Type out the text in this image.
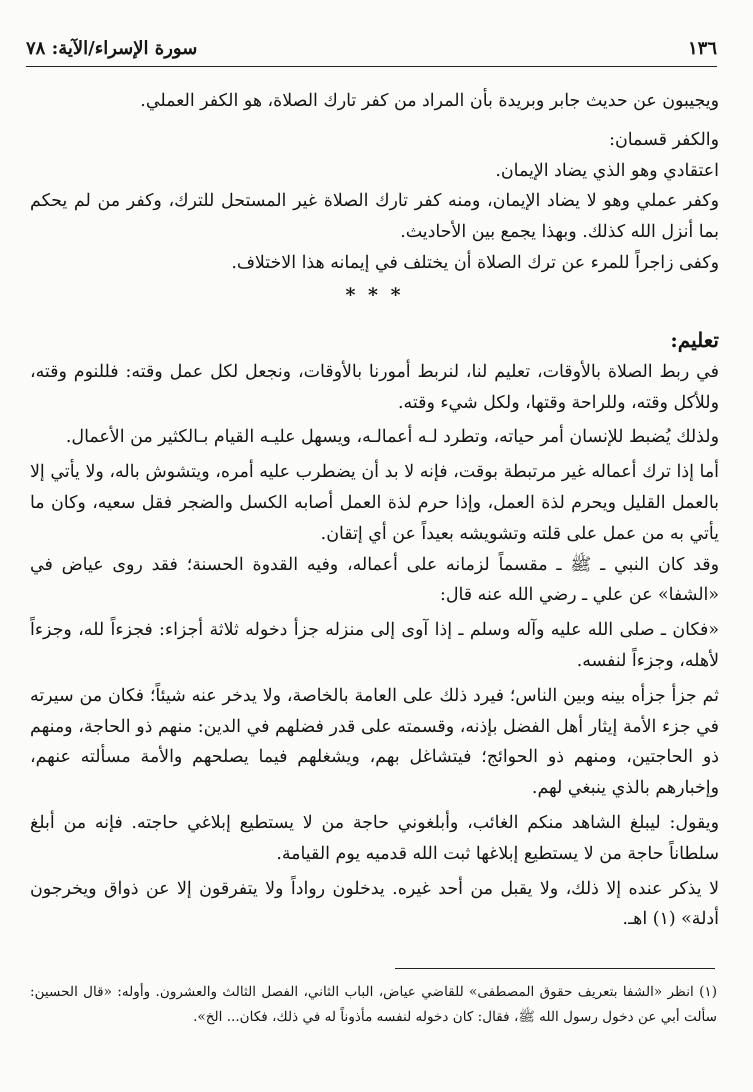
١٣٦
سورة الإسراء/الآية: ٧٨

ويجيبون عن حديث جابر وبريدة بأن المراد من كفر تارك الصلاة، هو الكفر العملي.

والكفر قسمان:

اعتقادي وهو الذي يضاد الإيمان.

وكفر عملي وهو لا يضاد الإيمان، ومنه كفر تارك الصلاة غير المستحل للترك، وكفر من لم يحكم بما أنزل الله كذلك. وبهذا يجمع بين الأحاديث.

وكفى زاجراً للمرء عن ترك الصلاة أن يختلف في إيمانه هذا الاختلاف.

* * *
تعليم:

في ربط الصلاة بالأوقات، تعليم لنا، لنربط أمورنا بالأوقات، ونجعل لكل عمل وقته: فللنوم وقته، وللأكل وقته، وللراحة وقتها، ولكل شيء وقته.

ولذلك يُضبط للإنسان أمر حياته، وتطرد لـه أعمالـه، ويسهل عليـه القيام بـالكثير من الأعمال.

أما إذا ترك أعماله غير مرتبطة بوقت، فإنه لا بد أن يضطرب عليه أمره، ويتشوش باله، ولا يأتي إلا بالعمل القليل ويحرم لذة العمل، وإذا حرم لذة العمل أصابه الكسل والضجر فقل سعيه، وكان ما يأتي به من عمل على قلته وتشويشه بعيداً عن أي إتقان.

وقد كان النبي ـ ﷺ ـ مقسماً لزمانه على أعماله، وفيه القدوة الحسنة؛ فقد روى عياض في «الشفا» عن علي ـ رضي الله عنه قال:

«فكان ـ صلى الله عليه وآله وسلم ـ إذا آوى إلى منزله جزأ دخوله ثلاثة أجزاء: فجزءاً لله، وجزءاً لأهله، وجزءاً لنفسه.

ثم جزأ جزأه بينه وبين الناس؛ فيرد ذلك على العامة بالخاصة، ولا يدخر عنه شيئاً؛ فكان من سيرته في جزء الأمة إيثار أهل الفضل بإذنه، وقسمته على قدر فضلهم في الدين: منهم ذو الحاجة، ومنهم ذو الحاجتين، ومنهم ذو الحوائج؛ فيتشاغل بهم، ويشغلهم فيما يصلحهم والأمة مسألته عنهم، وإخبارهم بالذي ينبغي لهم.

ويقول: ليبلغ الشاهد منكم الغائب، وأبلغوني حاجة من لا يستطيع إبلاغي حاجته. فإنه من أبلغ سلطاناً حاجة من لا يستطيع إبلاغها ثبت الله قدميه يوم القيامة.

لا يذكر عنده إلا ذلك، ولا يقبل من أحد غيره. يدخلون رواداً ولا يتفرقون إلا عن ذواق ويخرجون أدلة» (١) اهـ.

(١) انظر «الشفا بتعريف حقوق المصطفى» للقاضي عياض، الباب الثاني، الفصل الثالث والعشرون. وأوله: «قال الحسين: سألت أبي عن دخول رسول الله ﷺ، فقال: كان دخوله لنفسه مأذوناً له في ذلك، فكان... الخ».
